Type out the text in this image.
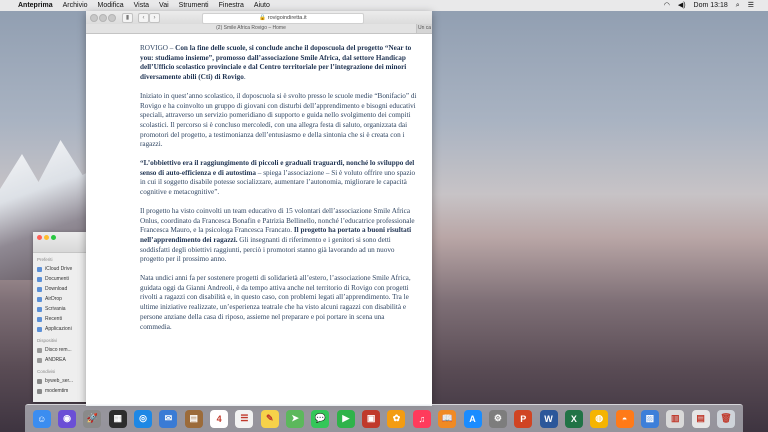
Anteprima Archivio Modifica Vista Vai Strumenti Finestra Aiuto	◠ ◀) Dom 13:18 ⌕ ☰
Preferiti
iCloud Drive
Documenti
Download
AirDrop
Scrivania
Recenti
Applicazioni
Dispositivi
Disco rem...
ANDREA
Condivisi
byweb_ser...
modemtim
▮	‹	›	🔒 rovigoindiretta.it
(2) Smile Africa Rovigo – Home	Un ca

ROVIGO – Con la fine delle scuole, si conclude anche il doposcuola del progetto “Near to you: studiamo insieme”, promosso dall’associazione Smile Africa, dal settore Handicap dell’Ufficio scolastico provinciale e dal Centro territoriale per l’integrazione dei minori diversamente abili (Cti) di Rovigo.

Iniziato in quest’anno scolastico, il doposcuola si è svolto presso le scuole medie “Bonifacio” di Rovigo e ha coinvolto un gruppo di giovani con disturbi dell’apprendimento e bisogni educativi speciali, attraverso un servizio pomeridiano di supporto e guida nello svolgimento dei compiti scolastici. Il percorso si è concluso mercoledì, con una allegra festa di saluto, organizzata dai promotori del progetto, a testimonianza dell’entusiasmo e della sintonia che si è creata con i ragazzi.

“L’obbiettivo era il raggiungimento di piccoli e graduali traguardi, nonché lo sviluppo del senso di auto-efficienza e di autostima – spiega l’associazione – Si è voluto offrire uno spazio in cui il soggetto disabile potesse socializzare, aumentare l’autonomia, migliorare le capacità cognitive e metacognitive”.

Il progetto ha visto coinvolti un team educativo di 15 volontari dell’associazione Smile Africa Onlus, coordinato da Francesca Bonafin e Patrizia Bellinello, nonché l’educatrice professionale Francesca Mauro, e la psicologa Francesca Francato. Il progetto ha portato a buoni risultati nell’apprendimento dei ragazzi. Gli insegnanti di riferimento e i genitori si sono detti soddisfatti degli obiettivi raggiunti, perciò i promotori stanno già lavorando ad un nuovo progetto per il prossimo anno.

Nata undici anni fa per sostenere progetti di solidarietà all’estero, l’associazione Smile Africa, guidata oggi da Gianni Andreoli, è da tempo attiva anche nel territorio di Rovigo con progetti rivolti a ragazzi con disabilità e, in questo caso, con problemi legati all’apprendimento. Tra le ultime iniziative realizzate, un’esperienza teatrale che ha visto alcuni ragazzi con disabilità e persone anziane della casa di riposo, assieme nel preparare e poi portare in scena una commedia.

☺	◉	🚀	▦	◎	✉	▤	4	☰	✎	➤	💬	▶	▣	✿	♫	📖	A	⚙	P	W	X	◍	◓	▨	▥	▤	🗑
